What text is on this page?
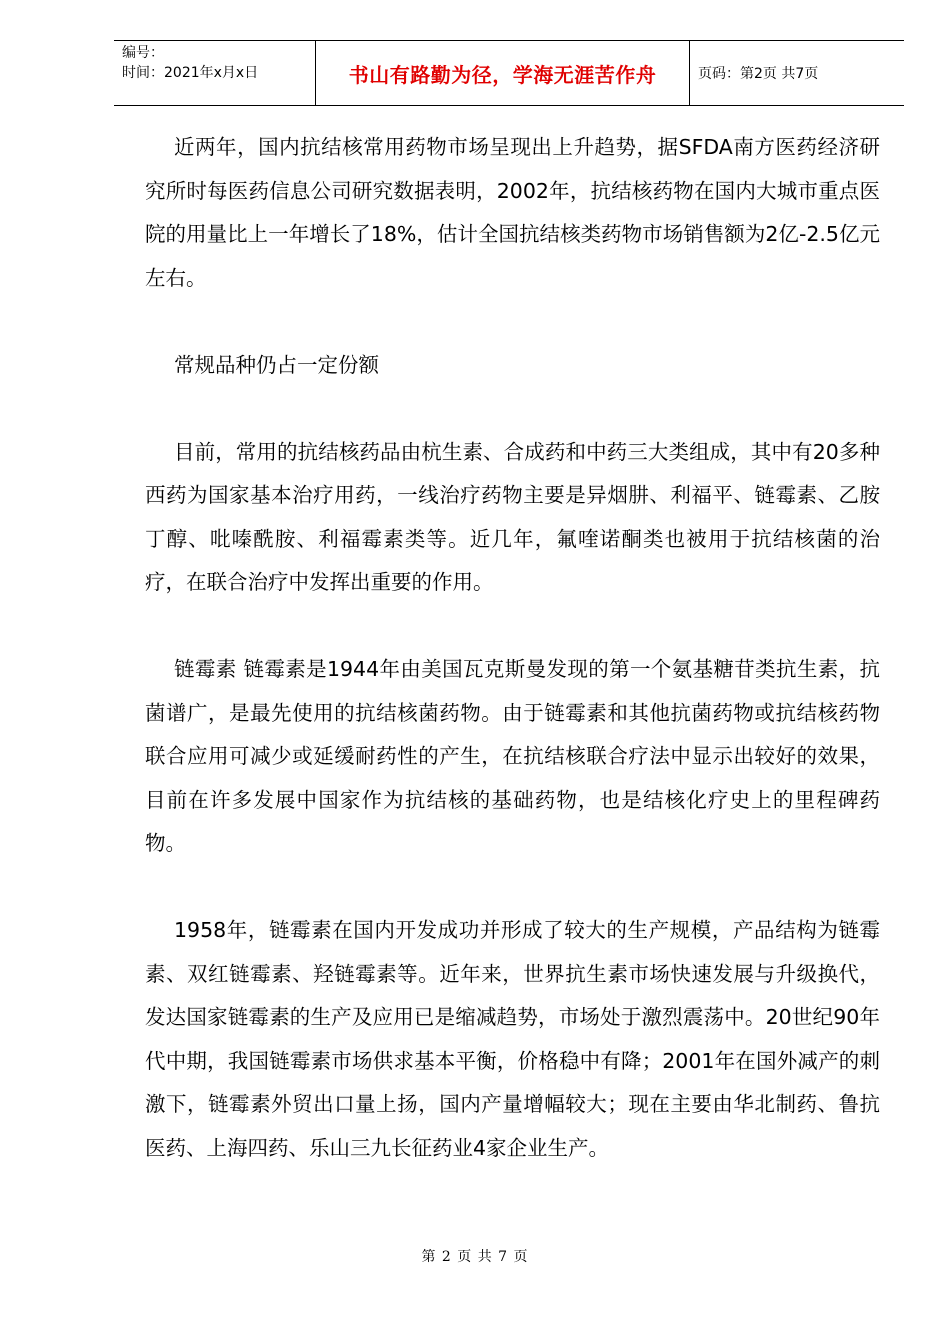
编号：
时间：2021年x月x日	书山有路勤为径，学海无涯苦作舟	页码：第2页 共7页

近两年，国内抗结核常用药物市场呈现出上升趋势，据SFDA南方医药经济研究所时每医药信息公司研究数据表明，2002年，抗结核药物在国内大城市重点医院的用量比上一年增长了18%，估计全国抗结核类药物市场销售额为2亿-2.5亿元左右。

常规品种仍占一定份额

目前，常用的抗结核药品由杭生素、合成药和中药三大类组成，其中有20多种西药为国家基本治疗用药，一线治疗药物主要是异烟肼、利福平、链霉素、乙胺丁醇、吡嗪酰胺、利福霉素类等。近几年，氟喹诺酮类也被用于抗结核菌的治疗，在联合治疗中发挥出重要的作用。

链霉素 链霉素是1944年由美国瓦克斯曼发现的第一个氨基糖苷类抗生素，抗菌谱广，是最先使用的抗结核菌药物。由于链霉素和其他抗菌药物或抗结核药物联合应用可减少或延缓耐药性的产生，在抗结核联合疗法中显示出较好的效果，目前在许多发展中国家作为抗结核的基础药物，也是结核化疗史上的里程碑药物。

1958年，链霉素在国内开发成功并形成了较大的生产规模，产品结构为链霉素、双红链霉素、羟链霉素等。近年来，世界抗生素市场快速发展与升级换代，发达国家链霉素的生产及应用已是缩减趋势，市场处于激烈震荡中。20世纪90年代中期，我国链霉素市场供求基本平衡，价格稳中有降；2001年在国外减产的刺激下，链霉素外贸出口量上扬，国内产量增幅较大；现在主要由华北制药、鲁抗医药、上海四药、乐山三九长征药业4家企业生产。

第 2 页 共 7 页
